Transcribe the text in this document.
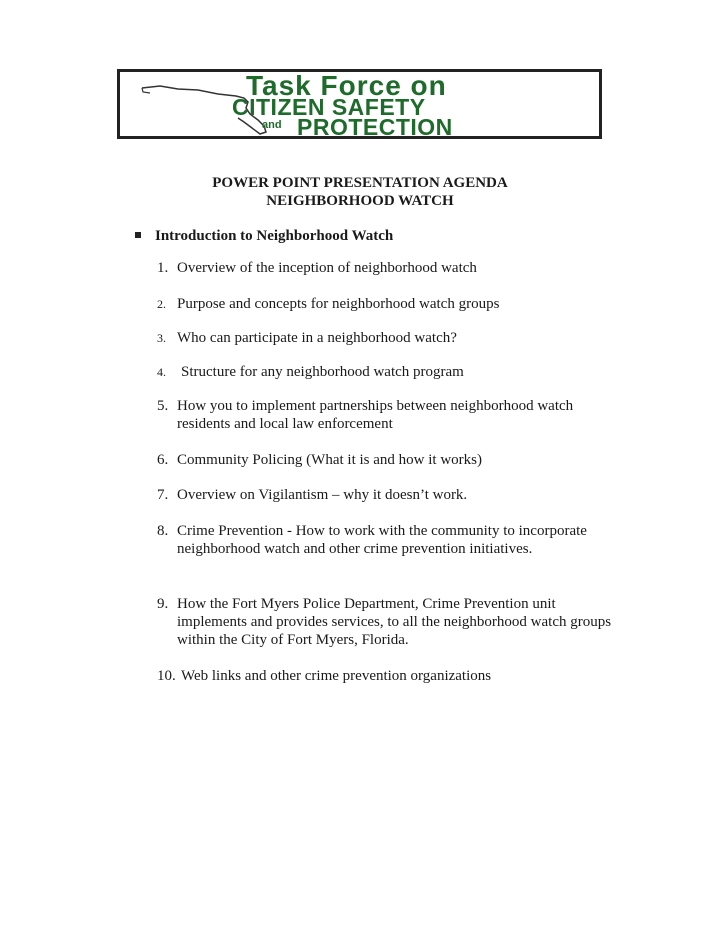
Task Force on
CITIZEN SAFETY
and PROTECTION
POWER POINT PRESENTATION AGENDA
NEIGHBORHOOD WATCH
Introduction to Neighborhood Watch
1. Overview of the inception of neighborhood watch
2. Purpose and concepts for neighborhood watch groups
3. Who can participate in a neighborhood watch?
4.	Structure for any neighborhood watch program
5. How you to implement partnerships between neighborhood watch residents and local law enforcement
6. Community Policing (What it is and how it works)
7. Overview on Vigilantism – why it doesn’t work.
8. Crime Prevention - How to work with the community to incorporate neighborhood watch and other crime prevention initiatives.
9. How the Fort Myers Police Department, Crime Prevention unit implements and provides services, to all the neighborhood watch groups within the City of Fort Myers, Florida.
10. Web links and other crime prevention organizations
